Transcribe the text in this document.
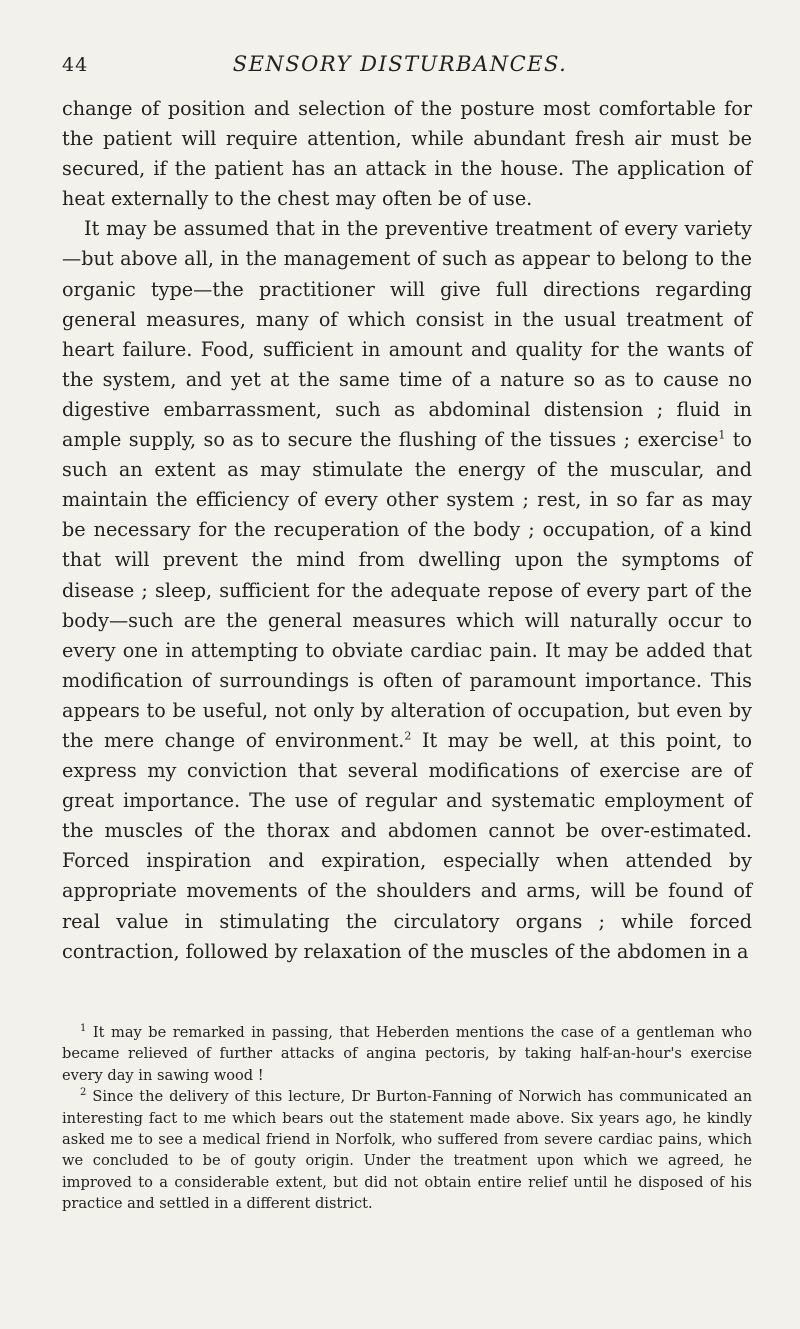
44	SENSORY DISTURBANCES.

change of position and selection of the posture most comfortable for the patient will require attention, while abundant fresh air must be secured, if the patient has an attack in the house. The application of heat externally to the chest may often be of use.

It may be assumed that in the preventive treatment of every variety—but above all, in the management of such as appear to belong to the organic type—the practitioner will give full directions regarding general measures, many of which consist in the usual treatment of heart failure. Food, sufficient in amount and quality for the wants of the system, and yet at the same time of a nature so as to cause no digestive embarrassment, such as abdominal distension ; fluid in ample supply, so as to secure the flushing of the tissues ; exercise$^1$ to such an extent as may stimulate the energy of the muscular, and maintain the efficiency of every other system ; rest, in so far as may be necessary for the recuperation of the body ; occupation, of a kind that will prevent the mind from dwelling upon the symptoms of disease ; sleep, sufficient for the adequate repose of every part of the body—such are the general measures which will naturally occur to every one in attempting to obviate cardiac pain. It may be added that modification of surroundings is often of paramount importance. This appears to be useful, not only by alteration of occupation, but even by the mere change of environment.$^2$ It may be well, at this point, to express my conviction that several modifications of exercise are of great importance. The use of regular and systematic employment of the muscles of the thorax and abdomen cannot be over-estimated. Forced inspiration and expiration, especially when attended by appropriate movements of the shoulders and arms, will be found of real value in stimulating the circulatory organs ; while forced contraction, followed by relaxation of the muscles of the abdomen in a

$^1$ It may be remarked in passing, that Heberden mentions the case of a gentleman who became relieved of further attacks of angina pectoris, by taking half-an-hour's exercise every day in sawing wood !

$^2$ Since the delivery of this lecture, Dr Burton-Fanning of Norwich has communicated an interesting fact to me which bears out the statement made above. Six years ago, he kindly asked me to see a medical friend in Norfolk, who suffered from severe cardiac pains, which we concluded to be of gouty origin. Under the treatment upon which we agreed, he improved to a considerable extent, but did not obtain entire relief until he disposed of his practice and settled in a different district.
